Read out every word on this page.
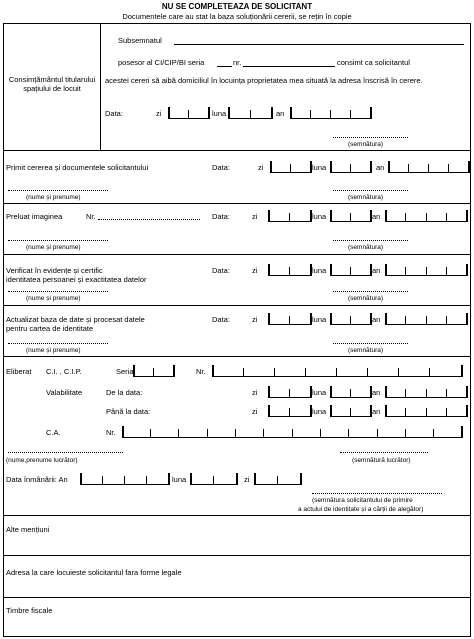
NU SE COMPLETEAZA DE SOLICITANT
Documentele care au stat la baza soluționării cererii, se rețin în copie
Consimțământul titularului
spațiului de locuit
Subsemnatul
posesor al CI/CIP/BI seria	nr.	consimt ca solicitantul
acestei cereri să aibă domiciliul în locuința proprietatea mea situată la adresa înscrisă în cerere.
Data:	zi	luna	an
(semnătura)
Primit cererea și documentele solicitantului	Data:	zi	luna	an
(nume și prenume)	(semnătura)
Preluat imaginea	Nr.	Data:	zi	luna	an
(nume și prenume)	(semnătura)
Verificat în evidențe și certific
identitatea persoanei și exactitatea datelor
Data:	zi	luna	an
(nume și prenume)	(semnătura)
Actualizat baza de date și procesat datele
pentru cartea de identitate
Data:	zi	luna	an
(nume și prenume)	(semnătura)
Eliberat C.I. , C.I.P.	Seria	Nr.
Valabilitate	De la data:	zi	luna	an
Până la data:	zi	luna	an
C.A.	Nr.
(nume,prenume lucrător)	(semnătură lucrător)
Data înmânării: An	luna	zi
(semnătura solicitantului de primire
a actului de identitate și a cărții de alegător)
Alte mențiuni
Adresa la care locuieste solicitantul fara forme legale
Timbre fiscale
